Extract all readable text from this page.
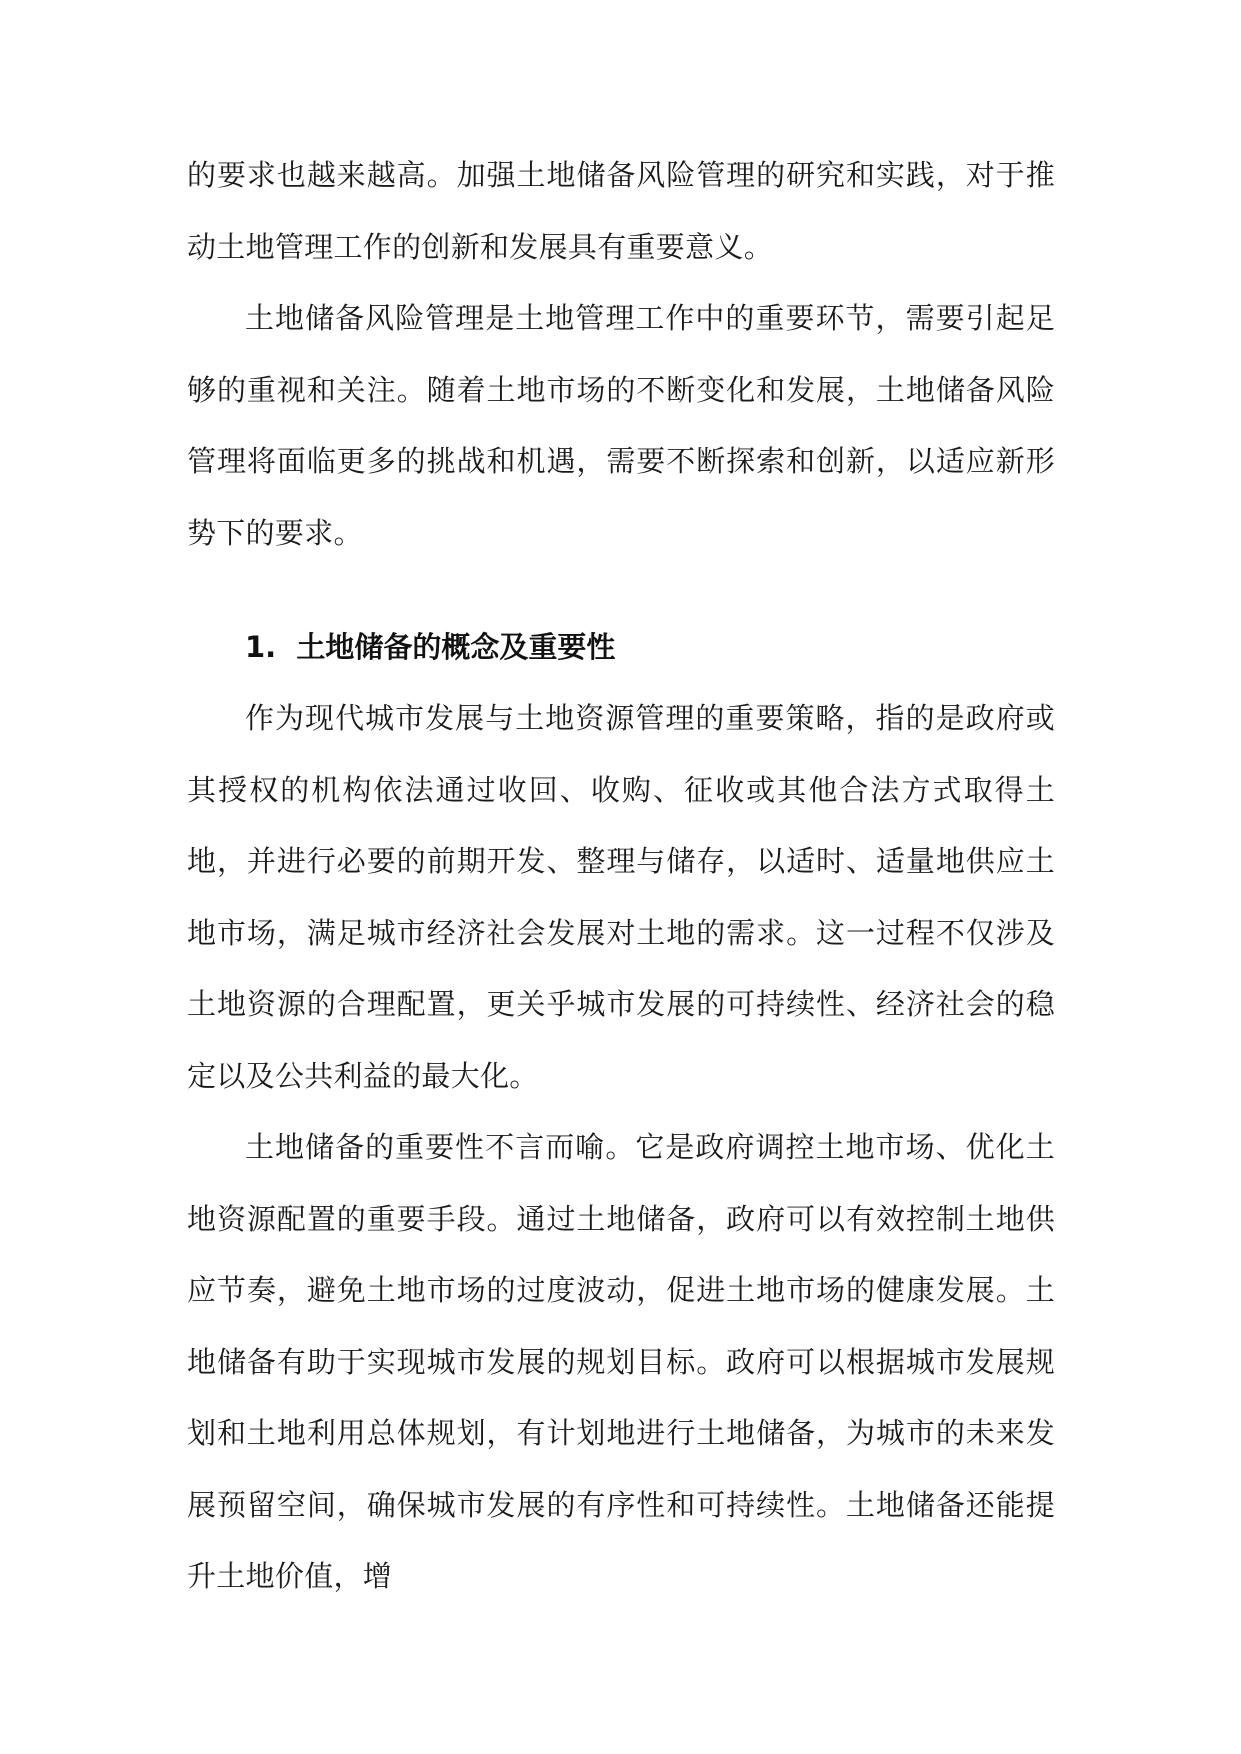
的要求也越来越高。加强土地储备风险管理的研究和实践，对于推动土地管理工作的创新和发展具有重要意义。

土地储备风险管理是土地管理工作中的重要环节，需要引起足够的重视和关注。随着土地市场的不断变化和发展，土地储备风险管理将面临更多的挑战和机遇，需要不断探索和创新，以适应新形势下的要求。

1. 土地储备的概念及重要性

作为现代城市发展与土地资源管理的重要策略，指的是政府或其授权的机构依法通过收回、收购、征收或其他合法方式取得土地，并进行必要的前期开发、整理与储存，以适时、适量地供应土地市场，满足城市经济社会发展对土地的需求。这一过程不仅涉及土地资源的合理配置，更关乎城市发展的可持续性、经济社会的稳定以及公共利益的最大化。

土地储备的重要性不言而喻。它是政府调控土地市场、优化土地资源配置的重要手段。通过土地储备，政府可以有效控制土地供应节奏，避免土地市场的过度波动，促进土地市场的健康发展。土地储备有助于实现城市发展的规划目标。政府可以根据城市发展规划和土地利用总体规划，有计划地进行土地储备，为城市的未来发展预留空间，确保城市发展的有序性和可持续性。土地储备还能提升土地价值，增
